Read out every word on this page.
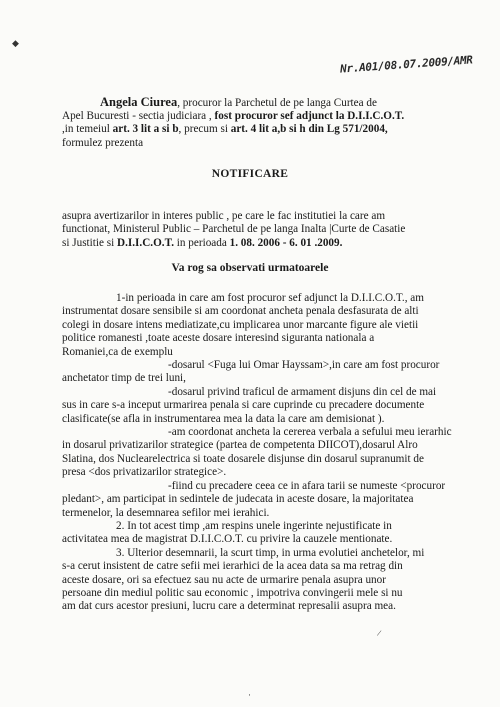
◆
Nr.A01/08.07.2009/AMR
Angela Ciurea, procuror la Parchetul de pe langa Curtea de
Apel Bucuresti - sectia judiciara , fost procuror sef adjunct la D.I.I.C.O.T.
,in temeiul art. 3 lit a si b, precum si art. 4 lit a,b si h din Lg 571/2004,
formulez prezenta
NOTIFICARE
asupra avertizarilor in interes public , pe care le fac institutiei la care am
functionat, Ministerul Public – Parchetul de pe langa Inalta |Curte de Casatie
si Justitie si D.I.I.C.O.T. in perioada 1. 08. 2006 - 6. 01 .2009.
Va rog sa observati urmatoarele
1-in perioada in care am fost procuror sef adjunct la D.I.I.C.O.T., am
instrumentat dosare sensibile si am coordonat ancheta penala desfasurata de alti
colegi in dosare intens mediatizate,cu implicarea unor marcante figure ale vietii
politice romanesti ,toate aceste dosare interesind siguranta nationala a
Romaniei,ca de exemplu
-dosarul <Fuga lui Omar Hayssam>,in care am fost procuror
anchetator timp de trei luni,
-dosarul privind traficul de armament disjuns din cel de mai
sus in care s-a inceput urmarirea penala si care cuprinde cu precadere documente
clasificate(se afla in instrumentarea mea la data la care am demisionat ).
-am coordonat ancheta la cererea verbala a sefului meu ierarhic
in dosarul privatizarilor strategice (partea de competenta DIICOT),dosarul Alro
Slatina, dos Nuclearelectrica si toate dosarele disjunse din dosarul supranumit de
presa <dos privatizarilor strategice>.
-fiind cu precadere ceea ce in afara tarii se numeste <procuror
pledant>, am participat in sedintele de judecata in aceste dosare, la majoritatea
termenelor, la desemnarea sefilor mei ierahici.
2. In tot acest timp ,am respins unele ingerinte nejustificate in
activitatea mea de magistrat D.I.I.C.O.T. cu privire la cauzele mentionate.
3. Ulterior desemnarii, la scurt timp, in urma evolutiei anchetelor, mi
s-a cerut insistent de catre sefii mei ierarhici de la acea data sa ma retrag din
aceste dosare, ori sa efectuez sau nu acte de urmarire penala asupra unor
persoane din mediul politic sau economic , impotriva convingerii mele si nu
am dat curs acestor presiuni, lucru care a determinat represalii asupra mea.
/
·
